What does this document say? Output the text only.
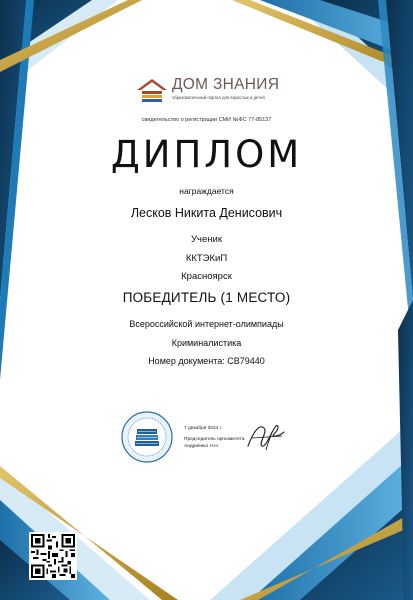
ДОМ ЗНАНИЯ
образовательный портал для взрослых и детей
свидетельство о регистрации СМИ №ФС 77-85137
ДИПЛОМ
награждается
Лесков Никита Денисович
Ученик
ККТЭКиП
Красноярск
ПОБЕДИТЕЛЬ (1 МЕСТО)
Всероссийской интернет-олимпиады
Криминалистика
Номер документа: СВ79440
7 декабря 2024 г.
Председатель оргкомитета
Андриенко Н.Н.
